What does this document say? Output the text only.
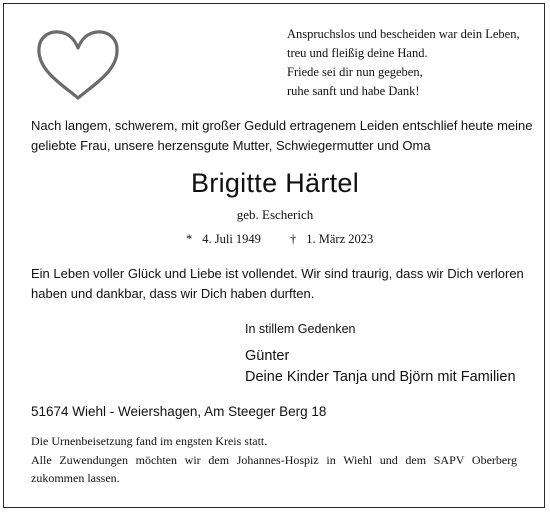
Anspruchslos und bescheiden war dein Leben,
treu und fleißig deine Hand.
Friede sei dir nun gegeben,
ruhe sanft und habe Dank!
Nach langem, schwerem, mit großer Geduld ertragenem Leiden entschlief heute meine
geliebte Frau, unsere herzensgute Mutter, Schwiegermutter und Oma
Brigitte Härtel
geb. Escherich
* 4. Juli 1949 † 1. März 2023
Ein Leben voller Glück und Liebe ist vollendet. Wir sind traurig, dass wir Dich verloren
haben und dankbar, dass wir Dich haben durften.
In stillem Gedenken
Günter
Deine Kinder Tanja und Björn mit Familien
51674 Wiehl - Weiershagen, Am Steeger Berg 18
Die Urnenbeisetzung fand im engsten Kreis statt.
Alle Zuwendungen möchten wir dem Johannes-Hospiz in Wiehl und dem SAPV Oberberg
zukommen lassen.
